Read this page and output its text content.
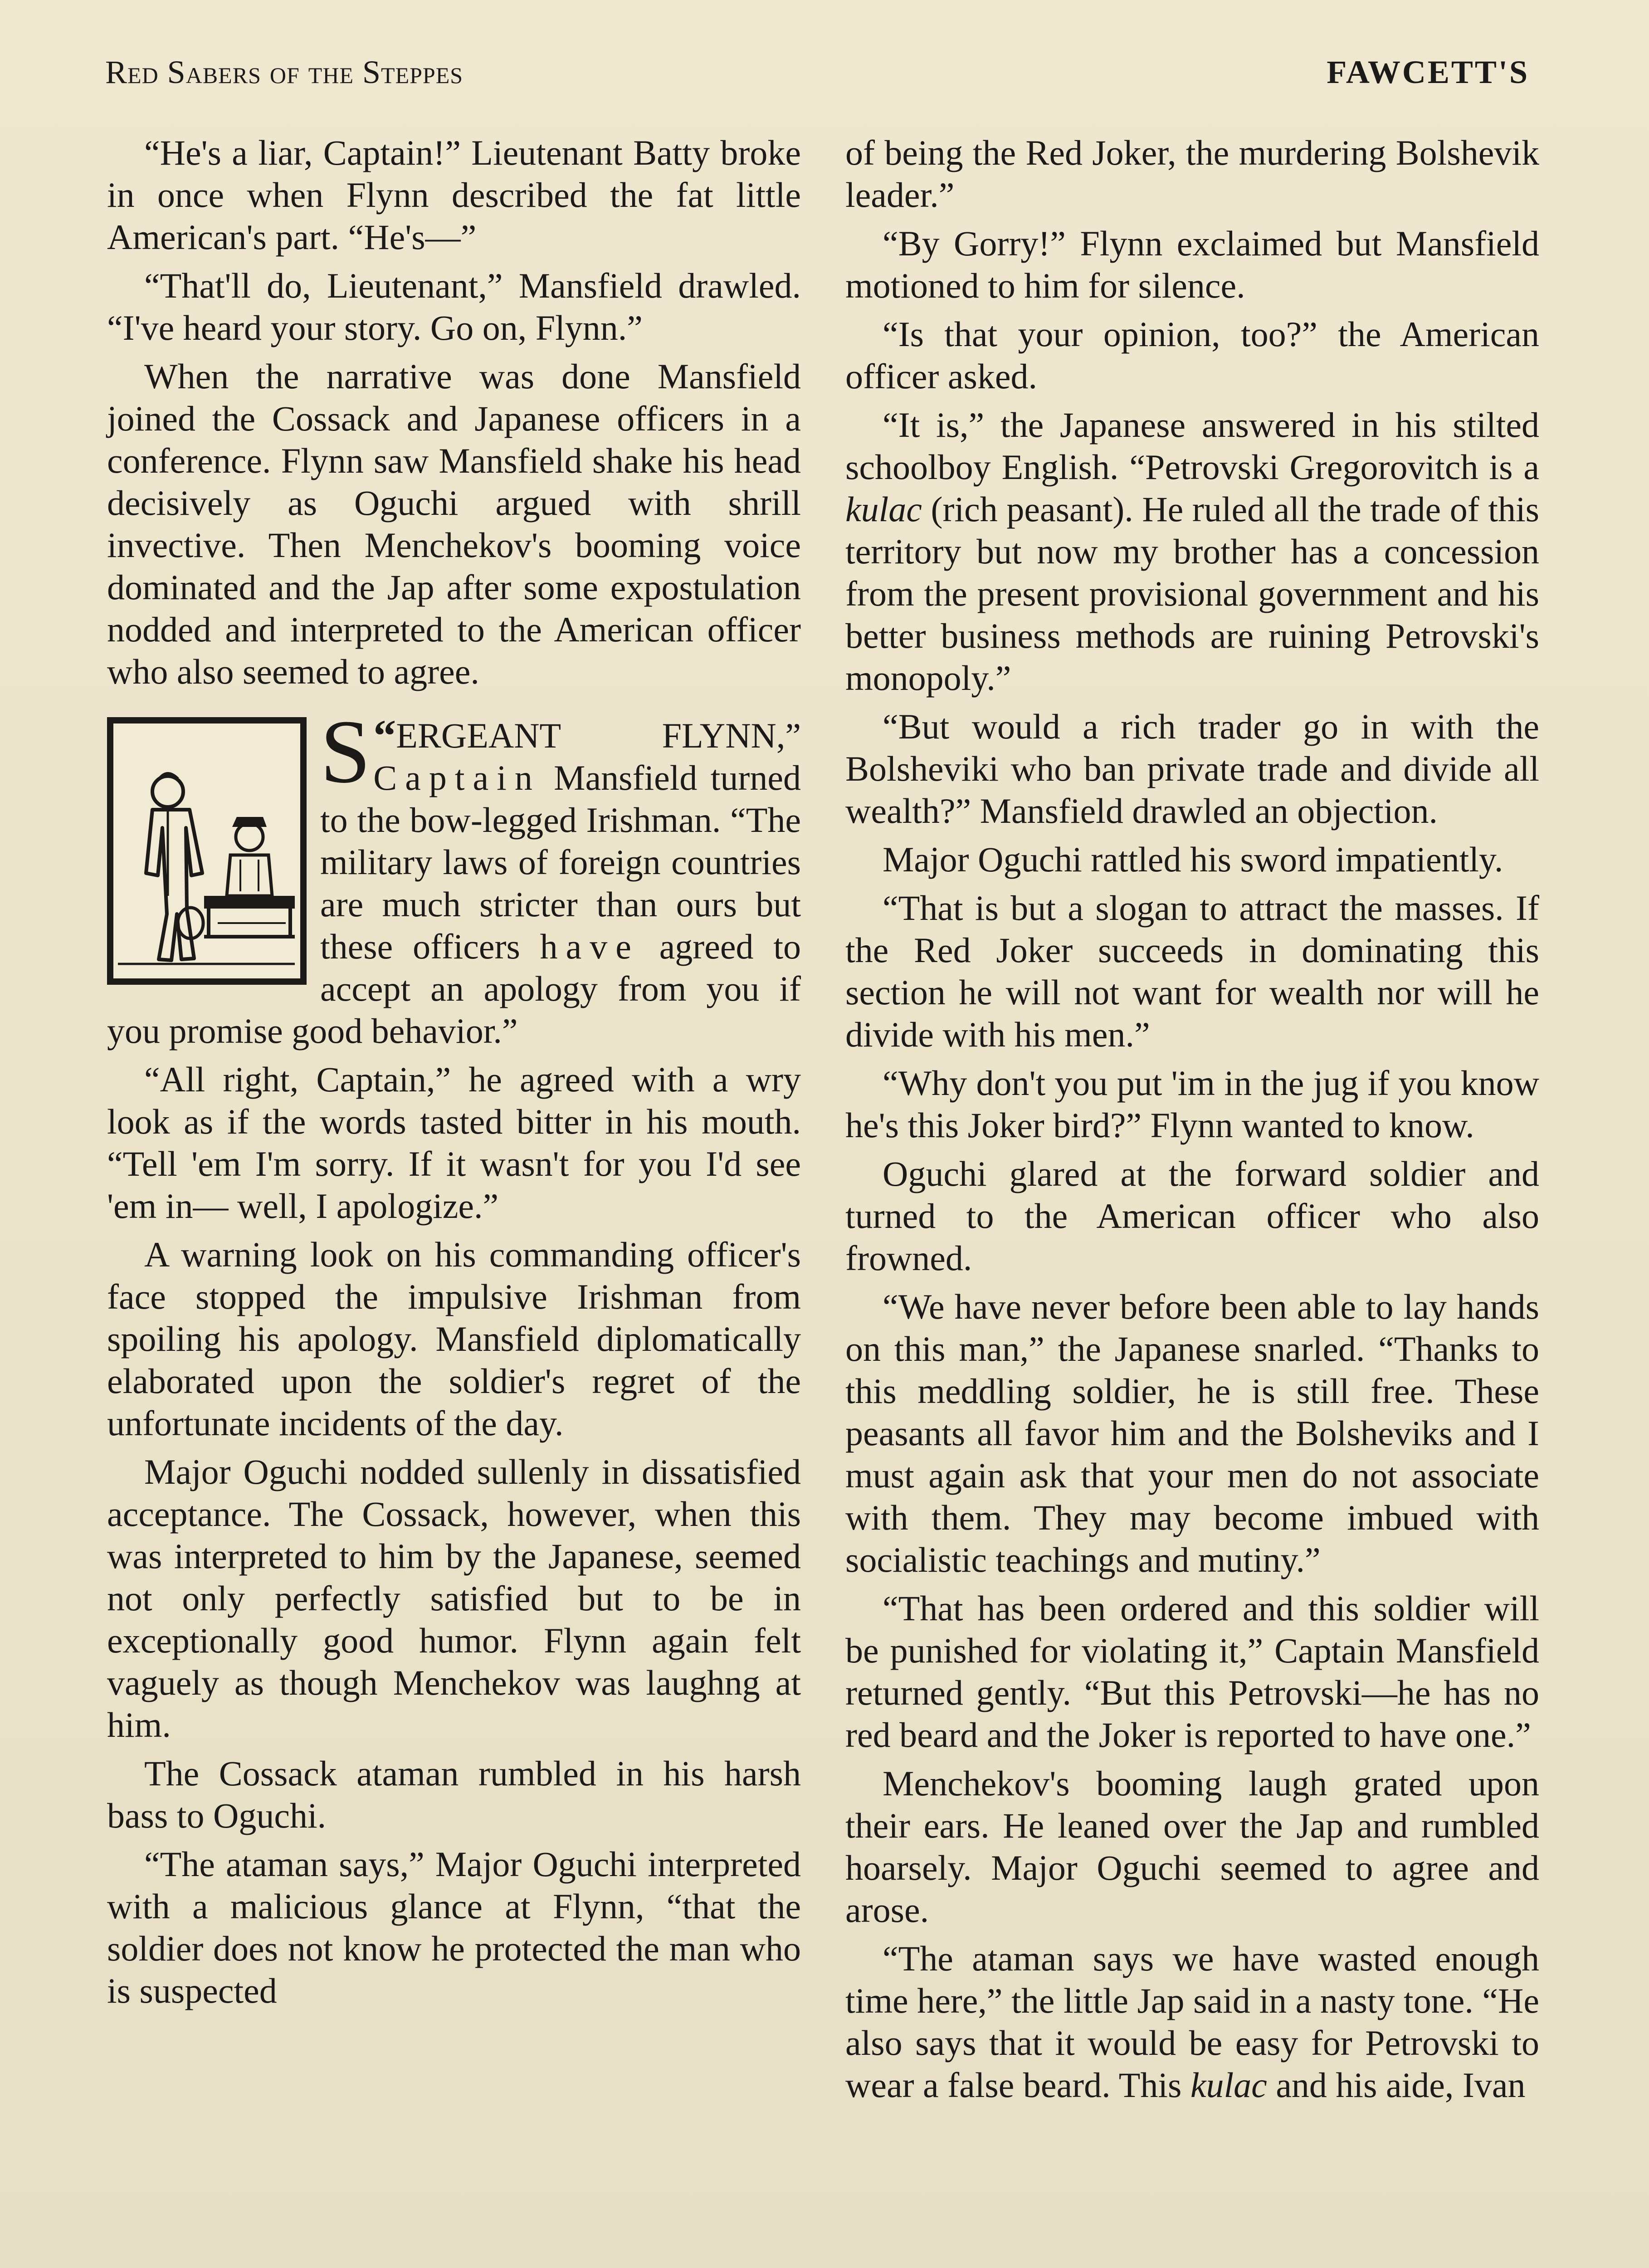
Red Sabers of the Steppes	FAWCETT'S

“He's a liar, Captain!” Lieutenant Batty broke in once when Flynn described the fat little American's part. “He's—”

“That'll do, Lieutenant,” Mansfield drawled. “I've heard your story. Go on, Flynn.”

When the narrative was done Mansfield joined the Cossack and Japanese officers in a conference. Flynn saw Mansfield shake his head decisively as Oguchi argued with shrill invective. Then Menchekov's booming voice dominated and the Jap after some expostulation nodded and interpreted to the American officer who also seemed to agree.

“
S ERGEANT FLYNN,” Captain Mansfield turned to the bow-legged Irishman. “The military laws of foreign countries are much stricter than ours but these officers have agreed to accept an apology from you if you promise good behavior.”

“All right, Captain,” he agreed with a wry look as if the words tasted bitter in his mouth. “Tell 'em I'm sorry. If it wasn't for you I'd see 'em in— well, I apologize.”

A warning look on his commanding officer's face stopped the impulsive Irishman from spoiling his apology. Mansfield diplomatically elaborated upon the soldier's regret of the unfortunate incidents of the day.

Major Oguchi nodded sullenly in dissatisfied acceptance. The Cossack, however, when this was interpreted to him by the Japanese, seemed not only perfectly satisfied but to be in exceptionally good humor. Flynn again felt vaguely as though Menchekov was laughng at him.

The Cossack ataman rumbled in his harsh bass to Oguchi.

“The ataman says,” Major Oguchi interpreted with a malicious glance at Flynn, “that the soldier does not know he protected the man who is suspected

of being the Red Joker, the murdering Bolshevik leader.”

“By Gorry!” Flynn exclaimed but Mansfield motioned to him for silence.

“Is that your opinion, too?” the American officer asked.

“It is,” the Japanese answered in his stilted schoolboy English. “Petrovski Gregorovitch is a kulac (rich peasant). He ruled all the trade of this territory but now my brother has a concession from the present provisional government and his better business methods are ruining Petrovski's monopoly.”

“But would a rich trader go in with the Bolsheviki who ban private trade and divide all wealth?” Mansfield drawled an objection.

Major Oguchi rattled his sword impatiently.

“That is but a slogan to attract the masses. If the Red Joker succeeds in dominating this section he will not want for wealth nor will he divide with his men.”

“Why don't you put 'im in the jug if you know he's this Joker bird?” Flynn wanted to know.

Oguchi glared at the forward soldier and turned to the American officer who also frowned.

“We have never before been able to lay hands on this man,” the Japanese snarled. “Thanks to this meddling soldier, he is still free. These peasants all favor him and the Bolsheviks and I must again ask that your men do not associate with them. They may become imbued with socialistic teachings and mutiny.”

“That has been ordered and this soldier will be punished for violating it,” Captain Mansfield returned gently. “But this Petrovski—he has no red beard and the Joker is reported to have one.”

Menchekov's booming laugh grated upon their ears. He leaned over the Jap and rumbled hoarsely. Major Oguchi seemed to agree and arose.

“The ataman says we have wasted enough time here,” the little Jap said in a nasty tone. “He also says that it would be easy for Petrovski to wear a false beard. This kulac and his aide, Ivan
